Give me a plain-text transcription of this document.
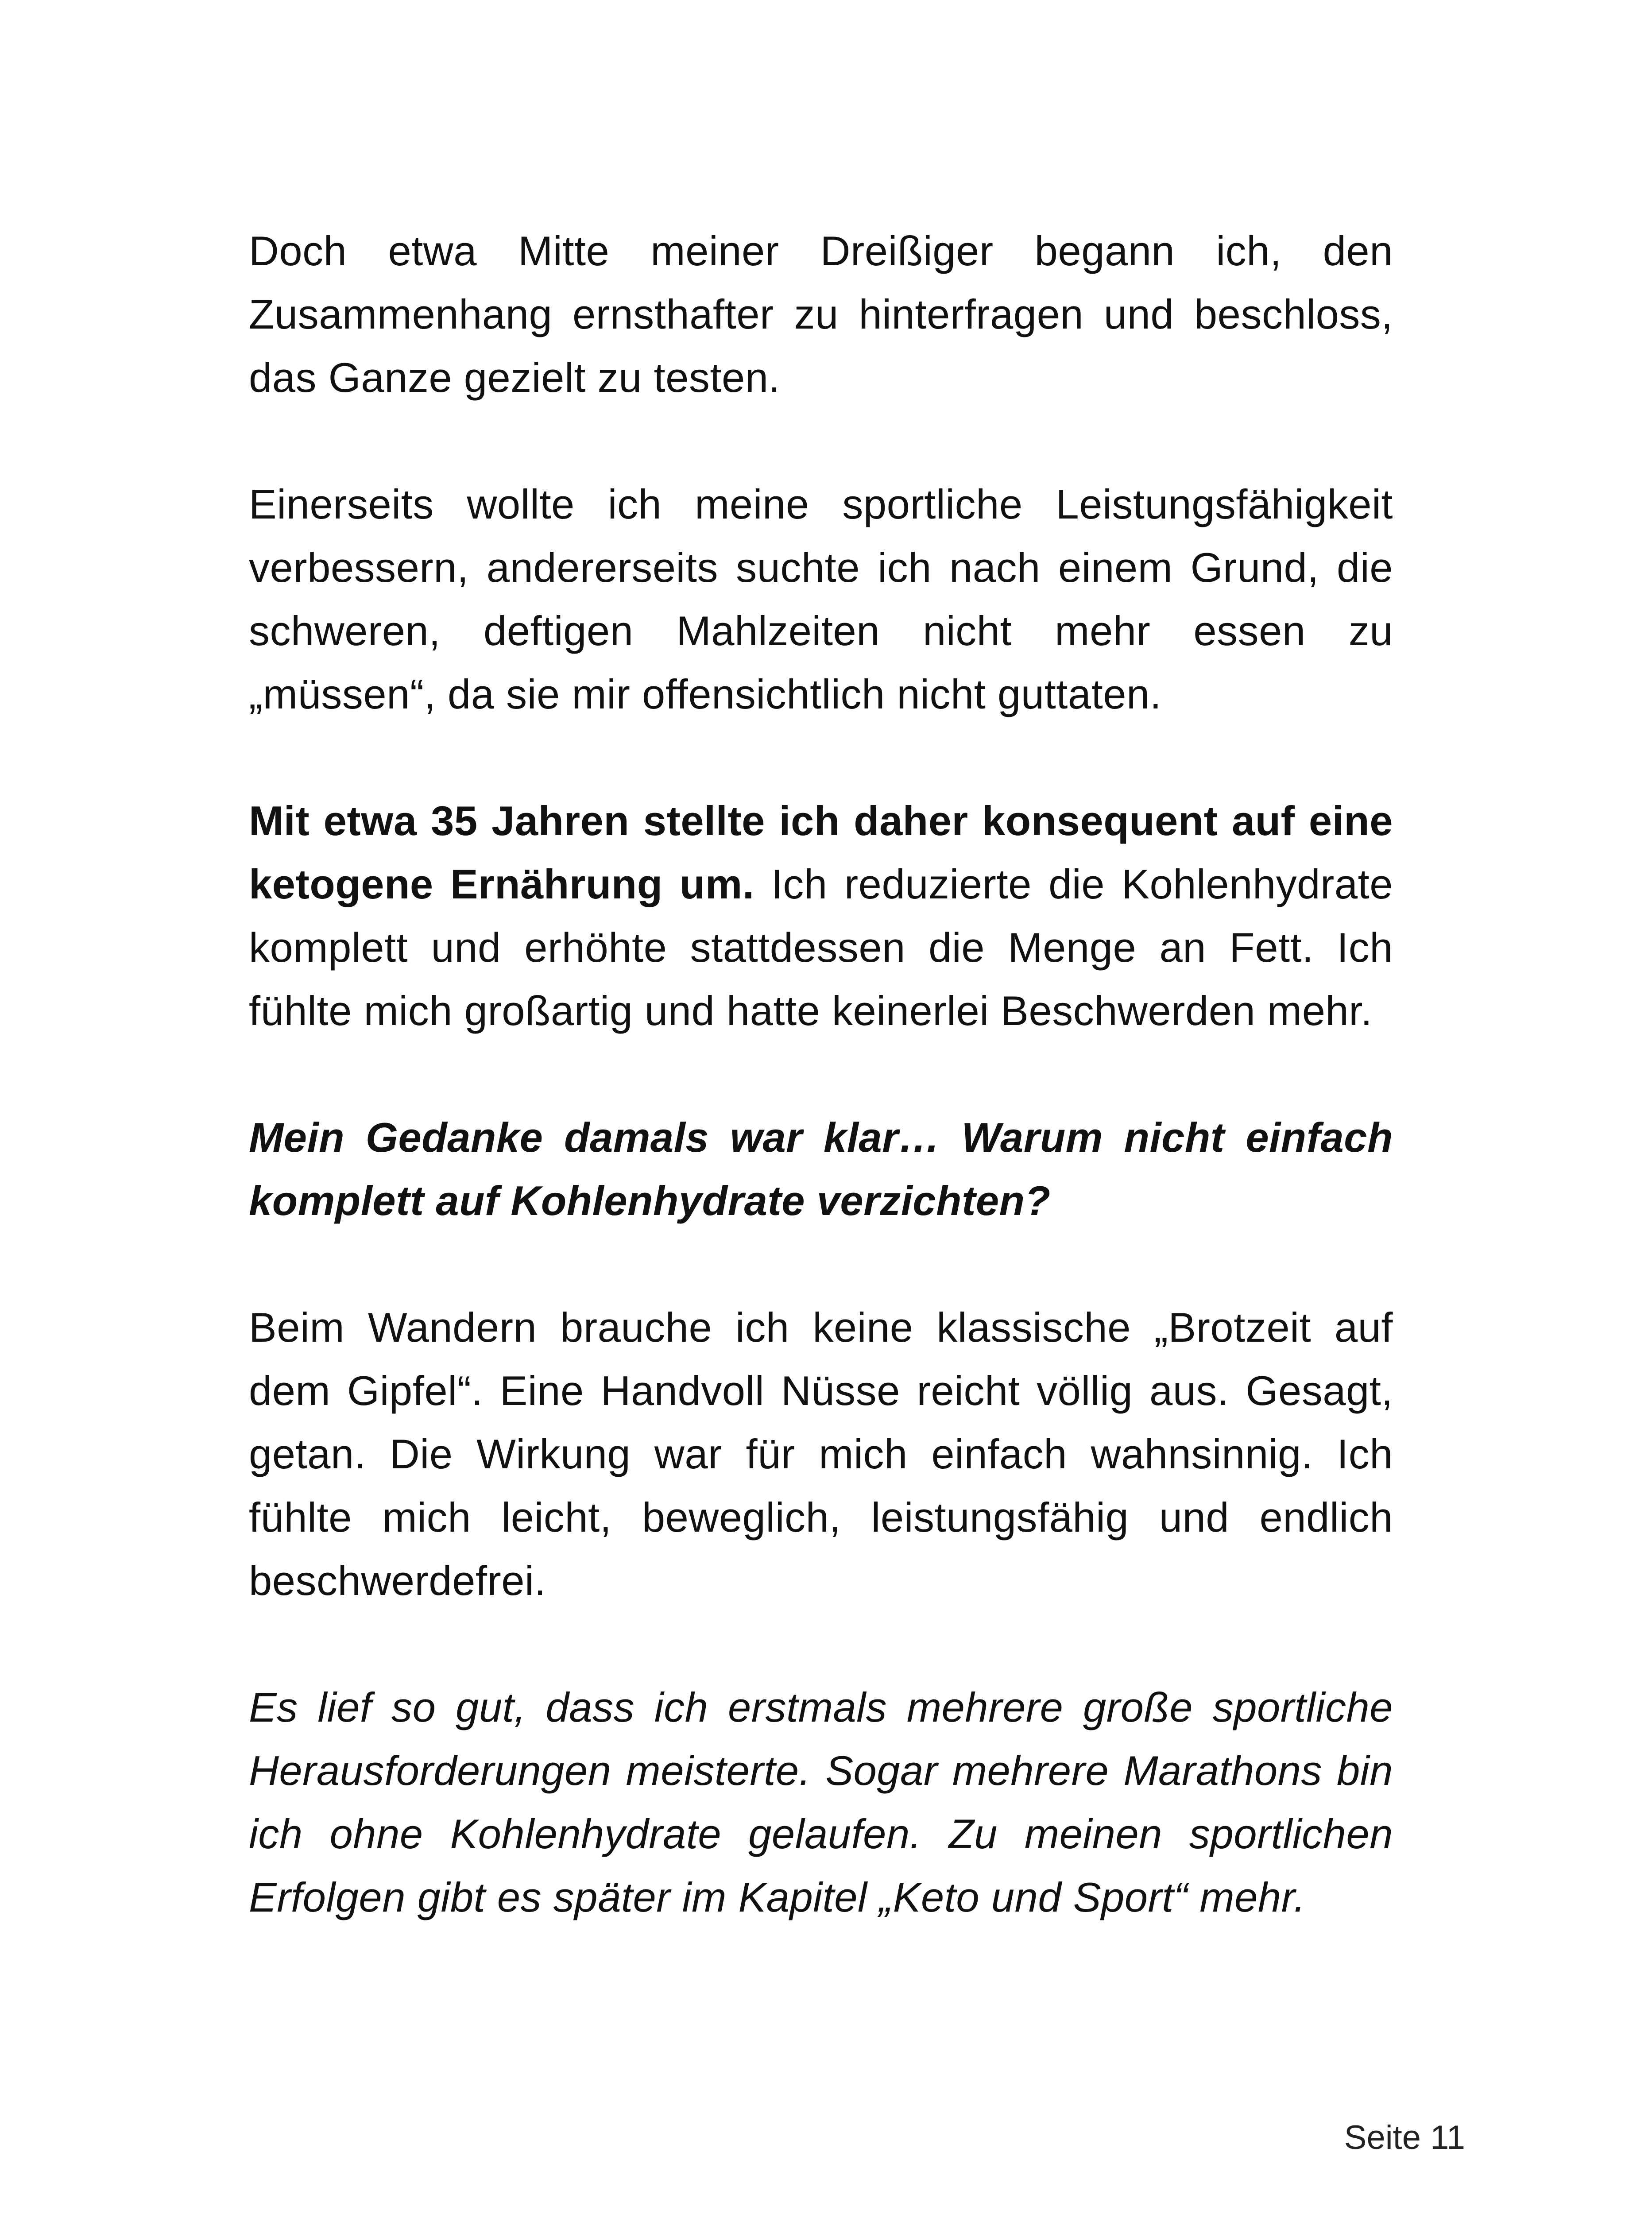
Doch etwa Mitte meiner Dreißiger begann ich, den Zusammenhang ernsthafter zu hinterfragen und beschloss, das Ganze gezielt zu testen.

Einerseits wollte ich meine sportliche Leistungsfähigkeit verbessern, andererseits suchte ich nach einem Grund, die schweren, deftigen Mahlzeiten nicht mehr essen zu „müssen“, da sie mir offensichtlich nicht guttaten.

Mit etwa 35 Jahren stellte ich daher konsequent auf eine ketogene Ernährung um. Ich reduzierte die Kohlenhydrate komplett und erhöhte stattdessen die Menge an Fett. Ich fühlte mich großartig und hatte keinerlei Beschwerden mehr.

Mein Gedanke damals war klar… Warum nicht einfach komplett auf Kohlenhydrate verzichten?

Beim Wandern brauche ich keine klassische „Brotzeit auf dem Gipfel“. Eine Handvoll Nüsse reicht völlig aus. Gesagt, getan. Die Wirkung war für mich einfach wahnsinnig. Ich fühlte mich leicht, beweglich, leistungsfähig und endlich beschwerdefrei.

Es lief so gut, dass ich erstmals mehrere große sportliche Herausforderungen meisterte. Sogar mehrere Marathons bin ich ohne Kohlenhydrate gelaufen. Zu meinen sportlichen Erfolgen gibt es später im Kapitel „Keto und Sport“ mehr.

Seite 11
